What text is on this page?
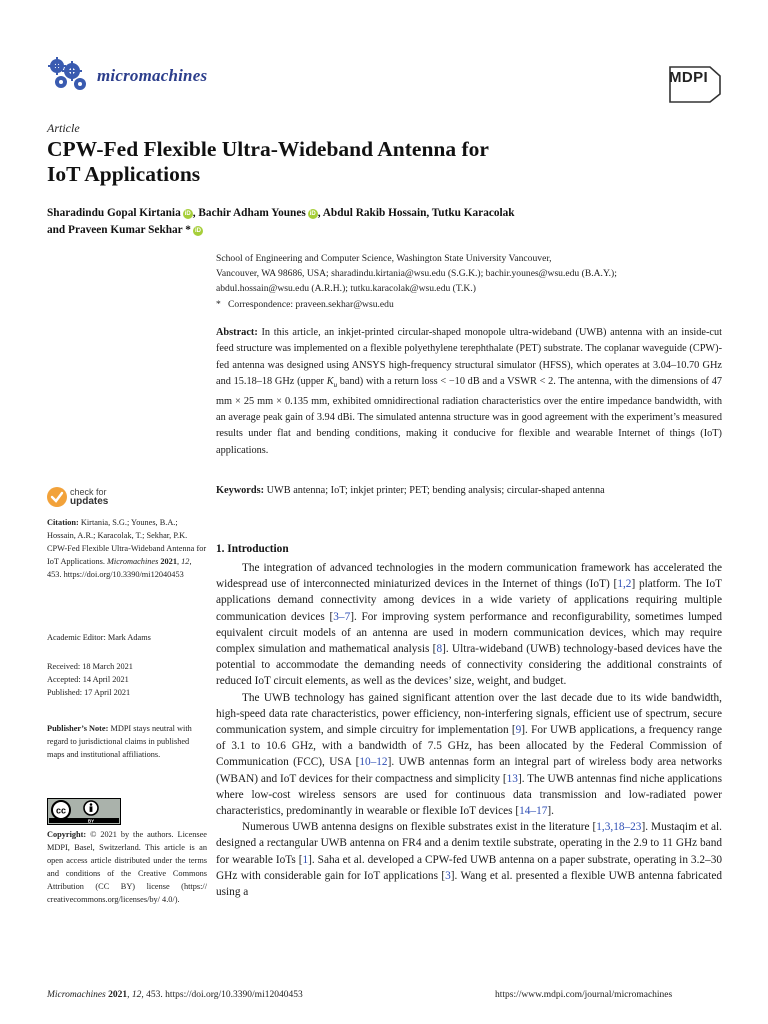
micromachines	MDPI
Article
CPW-Fed Flexible Ultra-Wideband Antenna for
IoT Applications
Sharadindu Gopal Kirtania iD , Bachir Adham Younes iD , Abdul Rakib Hossain, Tutku Karacolak
and Praveen Kumar Sekhar * iD
School of Engineering and Computer Science, Washington State University Vancouver,
Vancouver, WA 98686, USA; sharadindu.kirtania@wsu.edu (S.G.K.); bachir.younes@wsu.edu (B.A.Y.);
abdul.hossain@wsu.edu (A.R.H.); tutku.karacolak@wsu.edu (T.K.)
* Correspondence: praveen.sekhar@wsu.edu
Abstract: In this article, an inkjet-printed circular-shaped monopole ultra-wideband (UWB) antenna with an inside-cut feed structure was implemented on a flexible polyethylene terephthalate (PET) substrate. The coplanar waveguide (CPW)-fed antenna was designed using ANSYS high-frequency structural simulator (HFSS), which operates at 3.04–10.70 GHz and 15.18–18 GHz (upper $K_u$ band) with a return loss < −10 dB and a VSWR < 2. The antenna, with the dimensions of 47 mm × 25 mm × 0.135 mm, exhibited omnidirectional radiation characteristics over the entire impedance bandwidth, with an average peak gain of 3.94 dBi. The simulated antenna structure was in good agreement with the experiment’s measured results under flat and bending conditions, making it conducive for flexible and wearable Internet of things (IoT) applications.
Keywords: UWB antenna; IoT; inkjet printer; PET; bending analysis; circular-shaped antenna
check for
updates
Citation: Kirtania, S.G.; Younes, B.A.; Hossain, A.R.; Karacolak, T.; Sekhar, P.K. CPW-Fed Flexible Ultra-Wideband Antenna for IoT Applications. Micromachines 2021, 12, 453. https://doi.org/10.3390/mi12040453
Academic Editor: Mark Adams
Received: 18 March 2021
Accepted: 14 April 2021
Published: 17 April 2021
Publisher’s Note: MDPI stays neutral with regard to jurisdictional claims in published maps and institutional affiliations.
cc
BY
Copyright: © 2021 by the authors. Licensee MDPI, Basel, Switzerland. This article is an open access article distributed under the terms and conditions of the Creative Commons Attribution (CC BY) license (https:// creativecommons.org/licenses/by/ 4.0/).
1. Introduction

The integration of advanced technologies in the modern communication framework has accelerated the widespread use of interconnected miniaturized devices in the Internet of things (IoT) [1,2] platform. The IoT applications demand connectivity among devices in a wide variety of applications requiring multiple communication devices [3–7]. For improving system performance and reconfigurability, sometimes lumped equivalent circuit models of an antenna are used in modern communication devices, which may require complex simulation and mathematical analysis [8]. Ultra-wideband (UWB) technology-based devices have the potential to accommodate the demanding needs of connectivity considering the additional constraints of reduced IoT circuit elements, as well as the devices’ size, weight, and budget.

The UWB technology has gained significant attention over the last decade due to its wide bandwidth, high-speed data rate characteristics, power efficiency, non-interfering signals, efficient use of spectrum, secure communication system, and simple circuitry for implementation [9]. For UWB applications, a frequency range of 3.1 to 10.6 GHz, with a bandwidth of 7.5 GHz, has been allocated by the Federal Commission of Communication (FCC), USA [10–12]. UWB antennas form an integral part of wireless body area networks (WBAN) and IoT devices for their compactness and simplicity [13]. The UWB antennas find niche applications where low-cost wireless sensors are used for continuous data transmission and low-radiated power characteristics, predominantly in wearable or flexible IoT devices [14–17].

Numerous UWB antenna designs on flexible substrates exist in the literature [1,3,18–23]. Mustaqim et al. designed a rectangular UWB antenna on FR4 and a denim textile substrate, operating in the 2.9 to 11 GHz band for wearable IoTs [1]. Saha et al. developed a CPW-fed UWB antenna on a paper substrate, operating in 3.2–30 GHz with considerable gain for IoT applications [3]. Wang et al. presented a flexible UWB antenna fabricated using a

Micromachines 2021, 12, 453. https://doi.org/10.3390/mi12040453	https://www.mdpi.com/journal/micromachines
